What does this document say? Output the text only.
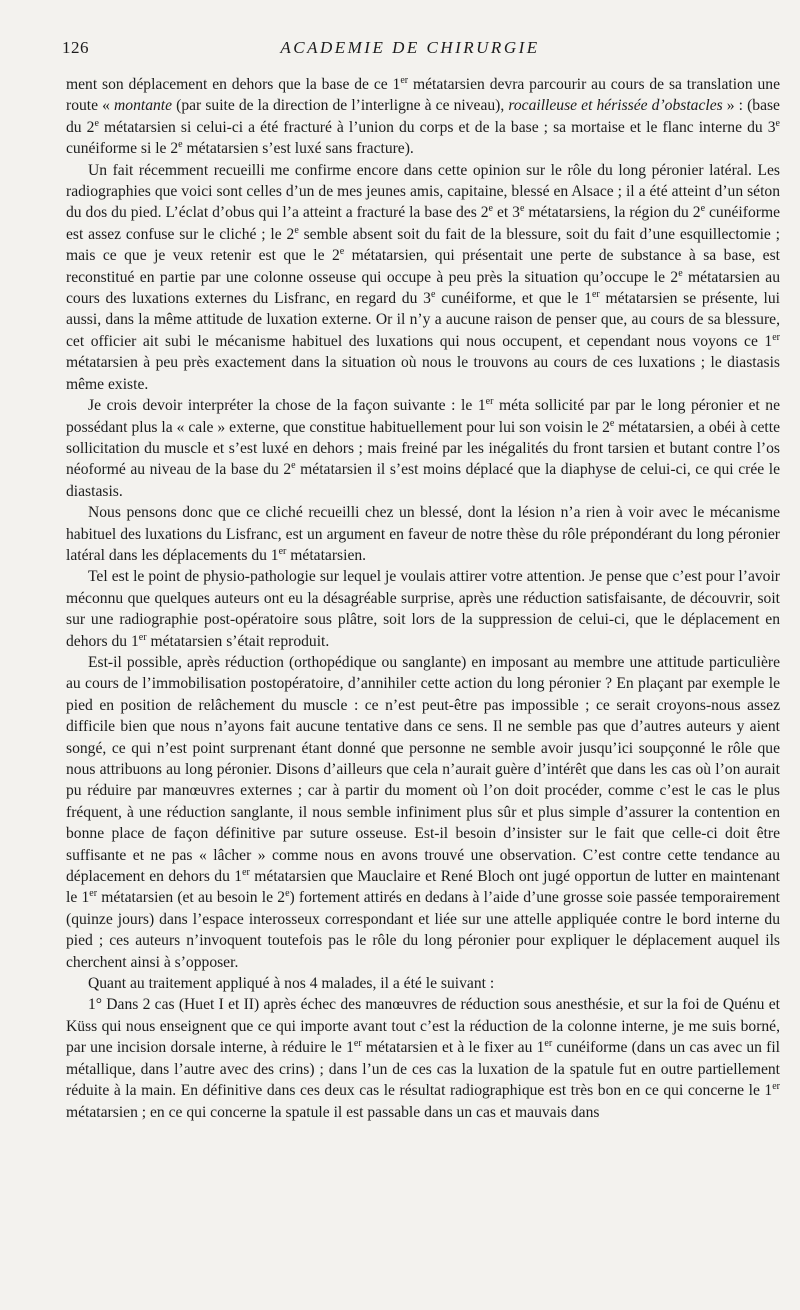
126	ACADEMIE DE CHIRURGIE

ment son déplacement en dehors que la base de ce 1er métatarsien devra parcourir au cours de sa translation une route « montante (par suite de la direction de l’interligne à ce niveau), rocailleuse et hérissée d’obstacles » : (base du 2e métatarsien si celui-ci a été fracturé à l’union du corps et de la base ; sa mortaise et le flanc interne du 3e cunéiforme si le 2e métatarsien s’est luxé sans fracture).

Un fait récemment recueilli me confirme encore dans cette opinion sur le rôle du long péronier latéral. Les radiographies que voici sont celles d’un de mes jeunes amis, capitaine, blessé en Alsace ; il a été atteint d’un séton du dos du pied. L’éclat d’obus qui l’a atteint a fracturé la base des 2e et 3e métatarsiens, la région du 2e cunéiforme est assez confuse sur le cliché ; le 2e semble absent soit du fait de la blessure, soit du fait d’une esquillectomie ; mais ce que je veux retenir est que le 2e métatarsien, qui présentait une perte de substance à sa base, est reconstitué en partie par une colonne osseuse qui occupe à peu près la situation qu’occupe le 2e métatarsien au cours des luxations externes du Lisfranc, en regard du 3e cunéiforme, et que le 1er métatarsien se présente, lui aussi, dans la même attitude de luxation externe. Or il n’y a aucune raison de penser que, au cours de sa blessure, cet officier ait subi le mécanisme habituel des luxations qui nous occupent, et cependant nous voyons ce 1er métatarsien à peu près exactement dans la situation où nous le trouvons au cours de ces luxations ; le diastasis même existe.

Je crois devoir interpréter la chose de la façon suivante : le 1er méta sollicité par par le long péronier et ne possédant plus la « cale » externe, que constitue habituellement pour lui son voisin le 2e métatarsien, a obéi à cette sollicitation du muscle et s’est luxé en dehors ; mais freiné par les inégalités du front tarsien et butant contre l’os néoformé au niveau de la base du 2e métatarsien il s’est moins déplacé que la diaphyse de celui-ci, ce qui crée le diastasis.

Nous pensons donc que ce cliché recueilli chez un blessé, dont la lésion n’a rien à voir avec le mécanisme habituel des luxations du Lisfranc, est un argument en faveur de notre thèse du rôle prépondérant du long péronier latéral dans les déplacements du 1er métatarsien.

Tel est le point de physio-pathologie sur lequel je voulais attirer votre attention. Je pense que c’est pour l’avoir méconnu que quelques auteurs ont eu la désagréable surprise, après une réduction satisfaisante, de découvrir, soit sur une radiographie post-opératoire sous plâtre, soit lors de la suppression de celui-ci, que le déplacement en dehors du 1er métatarsien s’était reproduit.

Est-il possible, après réduction (orthopédique ou sanglante) en imposant au membre une attitude particulière au cours de l’immobilisation postopératoire, d’annihiler cette action du long péronier ? En plaçant par exemple le pied en position de relâchement du muscle : ce n’est peut-être pas impossible ; ce serait croyons-nous assez difficile bien que nous n’ayons fait aucune tentative dans ce sens. Il ne semble pas que d’autres auteurs y aient songé, ce qui n’est point surprenant étant donné que personne ne semble avoir jusqu’ici soupçonné le rôle que nous attribuons au long péronier. Disons d’ailleurs que cela n’aurait guère d’intérêt que dans les cas où l’on aurait pu réduire par manœuvres externes ; car à partir du moment où l’on doit procéder, comme c’est le cas le plus fréquent, à une réduction sanglante, il nous semble infiniment plus sûr et plus simple d’assurer la contention en bonne place de façon définitive par suture osseuse. Est-il besoin d’insister sur le fait que celle-ci doit être suffisante et ne pas « lâcher » comme nous en avons trouvé une observation. C’est contre cette tendance au déplacement en dehors du 1er métatarsien que Mauclaire et René Bloch ont jugé opportun de lutter en maintenant le 1er métatarsien (et au besoin le 2e) fortement attirés en dedans à l’aide d’une grosse soie passée temporairement (quinze jours) dans l’espace interosseux correspondant et liée sur une attelle appliquée contre le bord interne du pied ; ces auteurs n’invoquent toutefois pas le rôle du long péronier pour expliquer le déplacement auquel ils cherchent ainsi à s’opposer.

Quant au traitement appliqué à nos 4 malades, il a été le suivant :

1° Dans 2 cas (Huet I et II) après échec des manœuvres de réduction sous anesthésie, et sur la foi de Quénu et Küss qui nous enseignent que ce qui importe avant tout c’est la réduction de la colonne interne, je me suis borné, par une incision dorsale interne, à réduire le 1er métatarsien et à le fixer au 1er cunéiforme (dans un cas avec un fil métallique, dans l’autre avec des crins) ; dans l’un de ces cas la luxation de la spatule fut en outre partiellement réduite à la main. En définitive dans ces deux cas le résultat radiographique est très bon en ce qui concerne le 1er métatarsien ; en ce qui concerne la spatule il est passable dans un cas et mauvais dans
